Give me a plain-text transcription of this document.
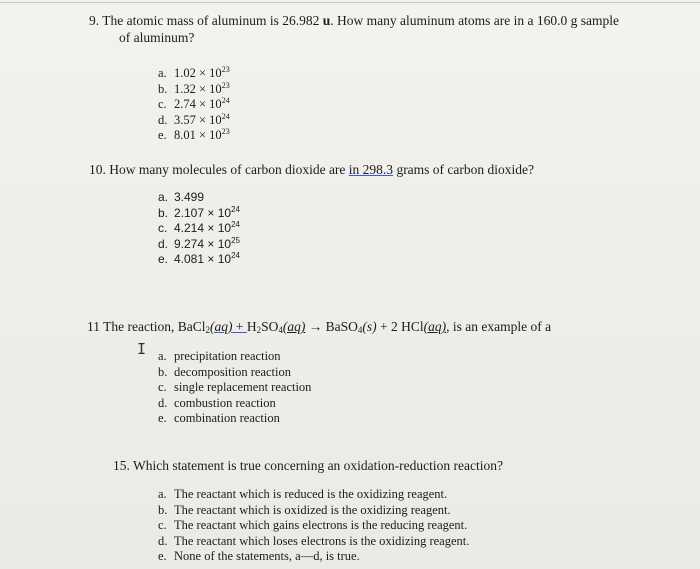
9. The atomic mass of aluminum is 26.982 u. How many aluminum atoms are in a 160.0 g sample
of aluminum?

a. $1.02 \times 10^{23}$
b. $1.32 \times 10^{23}$
c. $2.74 \times 10^{24}$
d. $3.57 \times 10^{24}$
e. $8.01 \times 10^{23}$

10. How many molecules of carbon dioxide are in 298.3 grams of carbon dioxide?

a. 3.499
b. $2.107 \times 10^{24}$
c. $4.214 \times 10^{24}$
d. $9.274 \times 10^{25}$
e. $4.081 \times 10^{24}$

11 The reaction, BaCl$_2$(aq) + $H_2SO_4(aq)$ → BaSO$_4$(s) + 2 HCl(aq), is an example of a

I a. precipitation reaction
b. decomposition reaction
c. single replacement reaction
d. combustion reaction
e. combination reaction

15. Which statement is true concerning an oxidation-reduction reaction?

a. The reactant which is reduced is the oxidizing reagent.
b. The reactant which is oxidized is the oxidizing reagent.
c. The reactant which gains electrons is the reducing reagent.
d. The reactant which loses electrons is the oxidizing reagent.
e. None of the statements, a—d, is true.
